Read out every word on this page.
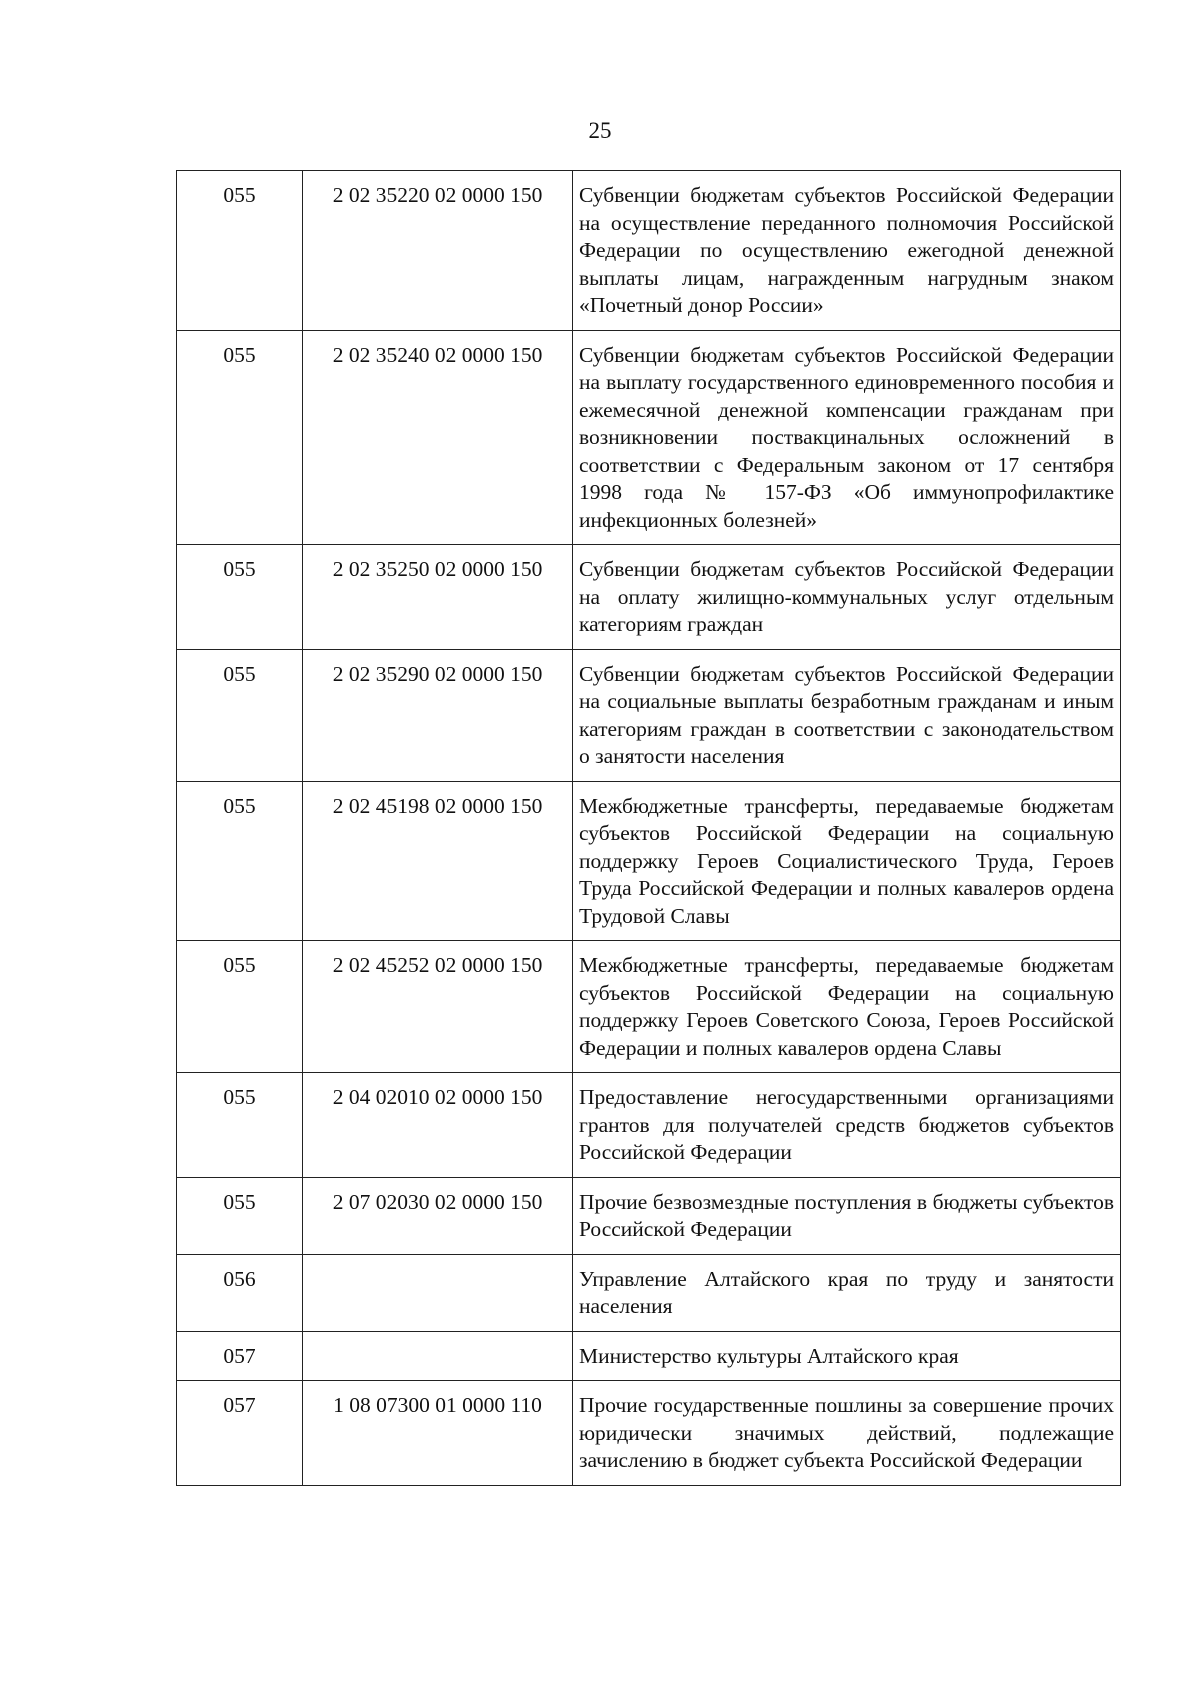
25
055	2 02 35220 02 0000 150	Субвенции бюджетам субъектов Российской Федерации на осуществление переданного полномочия Российской Федерации по осуществлению ежегодной денежной выплаты лицам, награжденным нагрудным знаком «Почетный донор России»
055	2 02 35240 02 0000 150	Субвенции бюджетам субъектов Российской Федерации на выплату государственного единовременного пособия и ежемесячной денежной компенсации гражданам при возникновении поствакцинальных осложнений в соответствии с Федеральным законом от 17 сентября 1998 года № 157-ФЗ «Об иммунопрофилактике инфекционных болезней»
055	2 02 35250 02 0000 150	Субвенции бюджетам субъектов Российской Федерации на оплату жилищно-коммунальных услуг отдельным категориям граждан
055	2 02 35290 02 0000 150	Субвенции бюджетам субъектов Российской Федерации на социальные выплаты безработным гражданам и иным категориям граждан в соответствии с законодательством о занятости населения
055	2 02 45198 02 0000 150	Межбюджетные трансферты, передаваемые бюджетам субъектов Российской Федерации на социальную поддержку Героев Социалистического Труда, Героев Труда Российской Федерации и полных кавалеров ордена Трудовой Славы
055	2 02 45252 02 0000 150	Межбюджетные трансферты, передаваемые бюджетам субъектов Российской Федерации на социальную поддержку Героев Советского Союза, Героев Российской Федерации и полных кавалеров ордена Славы
055	2 04 02010 02 0000 150	Предоставление негосударственными организациями грантов для получателей средств бюджетов субъектов Российской Федерации
055	2 07 02030 02 0000 150	Прочие безвозмездные поступления в бюджеты субъектов Российской Федерации
056		Управление Алтайского края по труду и занятости населения
057		Министерство культуры Алтайского края
057	1 08 07300 01 0000 110	Прочие государственные пошлины за совершение прочих юридически значимых действий, подлежащие зачислению в бюджет субъекта Российской Федерации
